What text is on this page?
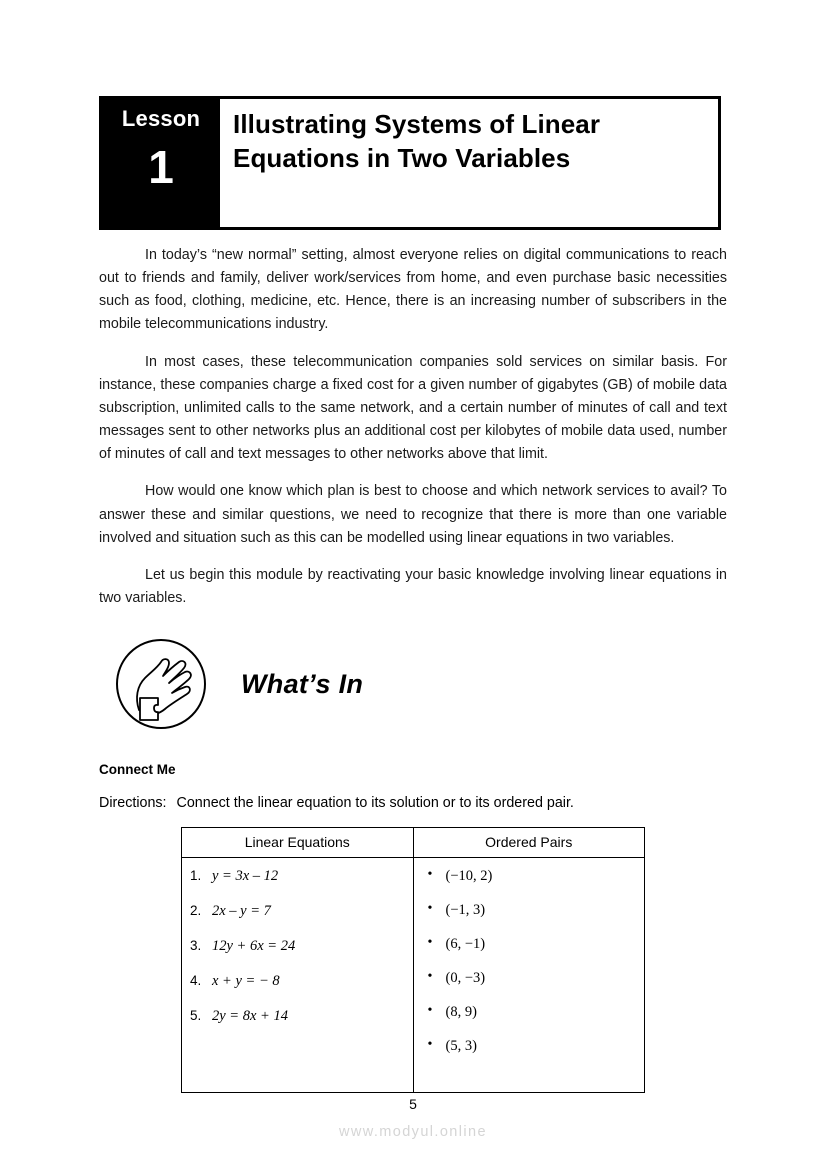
Lesson
1
Illustrating Systems of Linear Equations in Two Variables

In today’s “new normal” setting, almost everyone relies on digital communications to reach out to friends and family, deliver work/services from home, and even purchase basic necessities such as food, clothing, medicine, etc. Hence, there is an increasing number of subscribers in the mobile telecommunications industry.

In most cases, these telecommunication companies sold services on similar basis. For instance, these companies charge a fixed cost for a given number of gigabytes (GB) of mobile data subscription, unlimited calls to the same network, and a certain number of minutes of call and text messages sent to other networks plus an additional cost per kilobytes of mobile data used, number of minutes of call and text messages to other networks above that limit.

How would one know which plan is best to choose and which network services to avail? To answer these and similar questions, we need to recognize that there is more than one variable involved and situation such as this can be modelled using linear equations in two variables.

Let us begin this module by reactivating your basic knowledge involving linear equations in two variables.

What’s In
Connect Me
Directions: Connect the linear equation to its solution or to its ordered pair.
Linear Equations	Ordered Pairs

y = 3x – 12
2x – y = 7
12y + 6x = 24
x + y = − 8
2y = 8x + 14

• (−10, 2)
• (−1, 3)
• (6, −1)
• (0, −3)
• (8, 9)
• (5, 3)
5
www.modyul.online
